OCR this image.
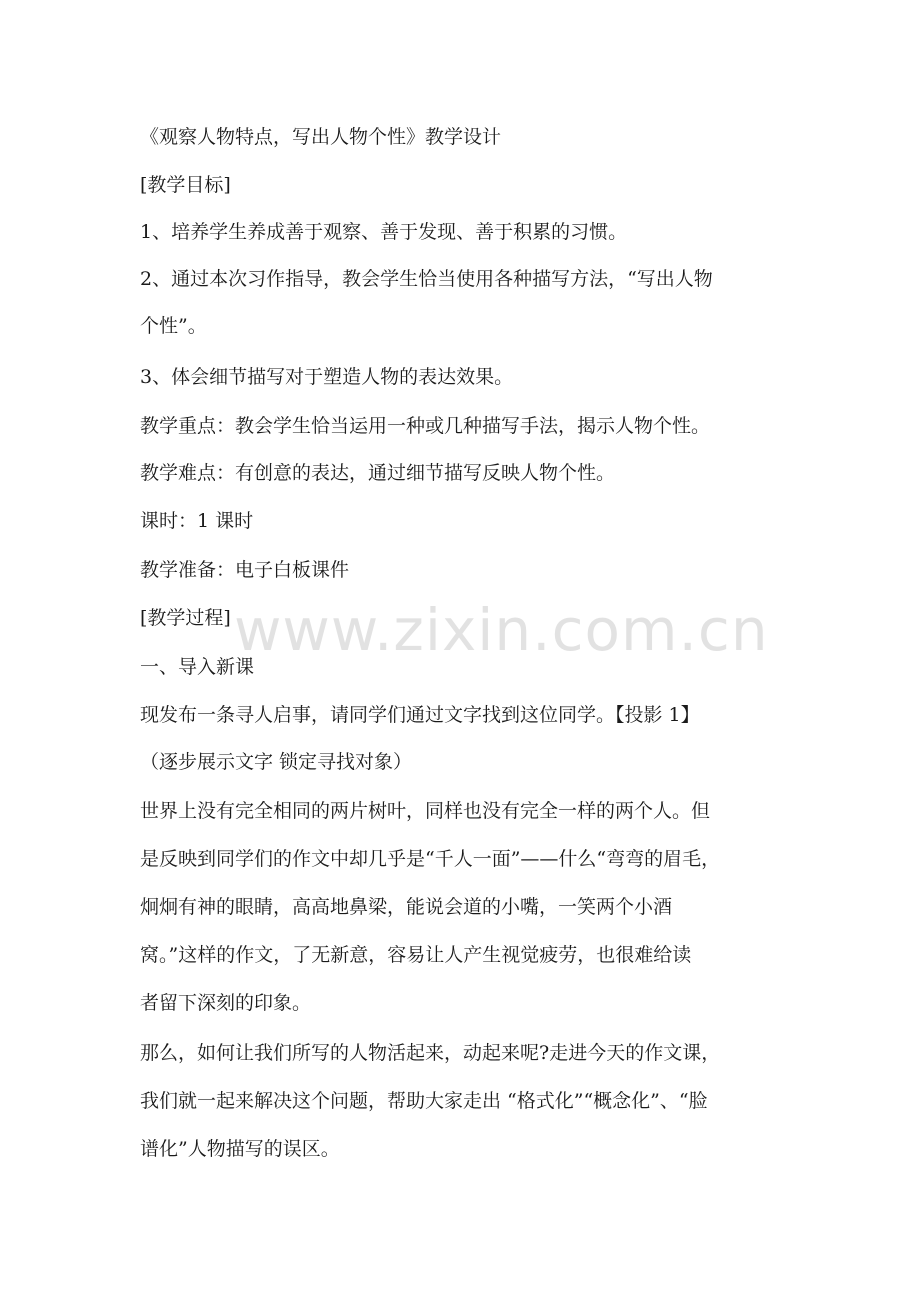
《观察人物特点，写出人物个性》教学设计
[教学目标]
1、培养学生养成善于观察、善于发现、善于积累的习惯。
2、通过本次习作指导，教会学生恰当使用各种描写方法，“写出人物
个性”。
3、体会细节描写对于塑造人物的表达效果。
教学重点：教会学生恰当运用一种或几种描写手法，揭示人物个性。
教学难点：有创意的表达，通过细节描写反映人物个性。
课时：1 课时
教学准备：电子白板课件
[教学过程]
一、导入新课
现发布一条寻人启事，请同学们通过文字找到这位同学。【投影 1】
（逐步展示文字 锁定寻找对象）
世界上没有完全相同的两片树叶，同样也没有完全一样的两个人。但
是反映到同学们的作文中却几乎是“千人一面”——什么“弯弯的眉毛，
炯炯有神的眼睛，高高地鼻梁，能说会道的小嘴，一笑两个小酒
窝。”这样的作文，了无新意，容易让人产生视觉疲劳，也很难给读
者留下深刻的印象。
那么，如何让我们所写的人物活起来，动起来呢?走进今天的作文课，
我们就一起来解决这个问题，帮助大家走出 “格式化”“概念化”、“脸
谱化”人物描写的误区。
www.zixin.com.cn
